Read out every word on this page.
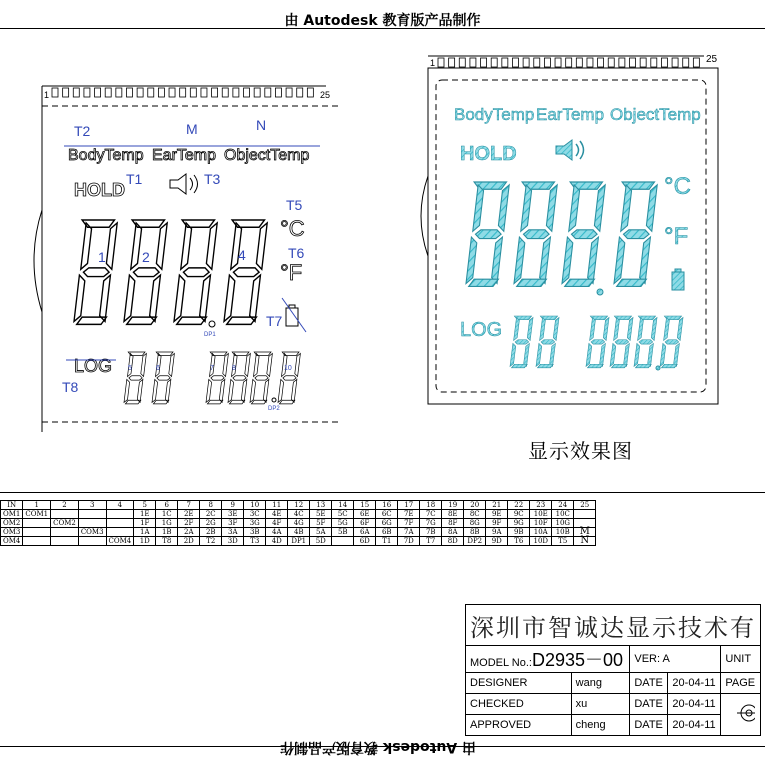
由 Autodesk 教育版产品制作
1	25
BodyTemp EarTemp ObjectTemp
T2	M	N
HOLD
T1	T3
1	2	4
DP1
°C
T5
°F
T6
T7
LOG
T8
5	6	7	8	10
DP2
1	25
BodyTemp EarTemp ObjectTemp
HOLD
°C
°F
LOG
显示效果图
IN	1	2	3	4	5	6	7	8	9	10	11	12	13	14	15	16	17	18	19	20	21	22	23	24	25
OM1	COM1				1E	1C	2E	2C	3E	3C	4E	4C	5E	5C	6E	6C	7E	7C	8E	8C	9E	9C	10E	10C	
OM2		COM2			1F	1G	2F	2G	3F	3G	4F	4G	5F	5G	6F	6G	7F	7G	8F	8G	9F	9G	10F	10G	
OM3			COM3		1A	1B	2A	2B	3A	3B	4A	4B	5A	5B	6A	6B	7A	7B	8A	8B	9A	9B	10A	10B	M
OM4				COM4	1D	T8	2D	T2	3D	T3	4D	DP1	5D		6D	T1	7D	T7	8D	DP2	9D	T6	10D	T5	N
深圳市智诚达显示技术有				
MODEL No.:D2935－00		VER: A		UNIT
DESIGNER	wang	DATE	20-04-11	PAGE
CHECKED	xu	DATE	20-04-11	
APPROVED	cheng	DATE	20-04-11	
由 Autodesk 教育版产品制作
